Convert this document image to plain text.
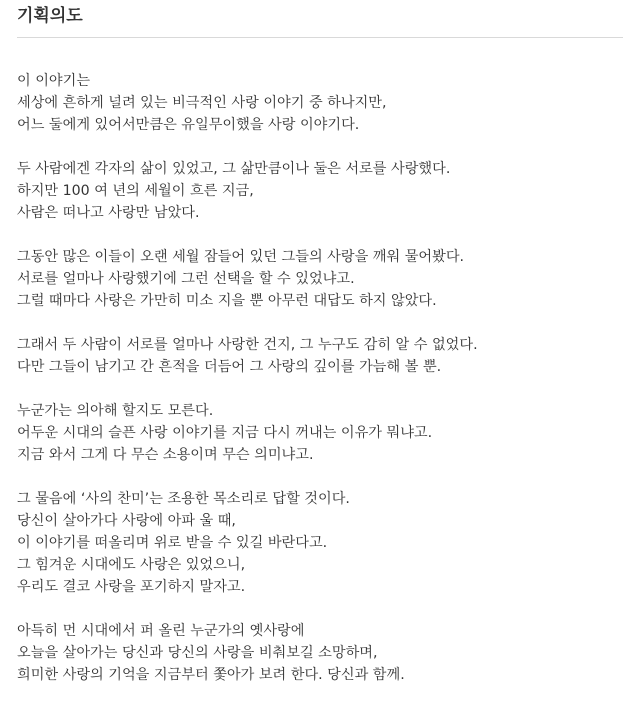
기획의도

이 이야기는
세상에 흔하게 널려 있는 비극적인 사랑 이야기 중 하나지만,
어느 둘에게 있어서만큼은 유일무이했을 사랑 이야기다.

두 사람에겐 각자의 삶이 있었고, 그 삶만큼이나 둘은 서로를 사랑했다.
하지만 100 여 년의 세월이 흐른 지금,
사람은 떠나고 사랑만 남았다.

그동안 많은 이들이 오랜 세월 잠들어 있던 그들의 사랑을 깨워 물어봤다.
서로를 얼마나 사랑했기에 그런 선택을 할 수 있었냐고.
그럴 때마다 사랑은 가만히 미소 지을 뿐 아무런 대답도 하지 않았다.

그래서 두 사람이 서로를 얼마나 사랑한 건지, 그 누구도 감히 알 수 없었다.
다만 그들이 남기고 간 흔적을 더듬어 그 사랑의 깊이를 가늠해 볼 뿐.

누군가는 의아해 할지도 모른다.
어두운 시대의 슬픈 사랑 이야기를 지금 다시 꺼내는 이유가 뭐냐고.
지금 와서 그게 다 무슨 소용이며 무슨 의미냐고.

그 물음에 ‘사의 찬미’는 조용한 목소리로 답할 것이다.
당신이 살아가다 사랑에 아파 울 때,
이 이야기를 떠올리며 위로 받을 수 있길 바란다고.
그 힘겨운 시대에도 사랑은 있었으니,
우리도 결코 사랑을 포기하지 말자고.

아득히 먼 시대에서 퍼 올린 누군가의 옛사랑에
오늘을 살아가는 당신과 당신의 사랑을 비춰보길 소망하며,
희미한 사랑의 기억을 지금부터 쫓아가 보려 한다. 당신과 함께.
